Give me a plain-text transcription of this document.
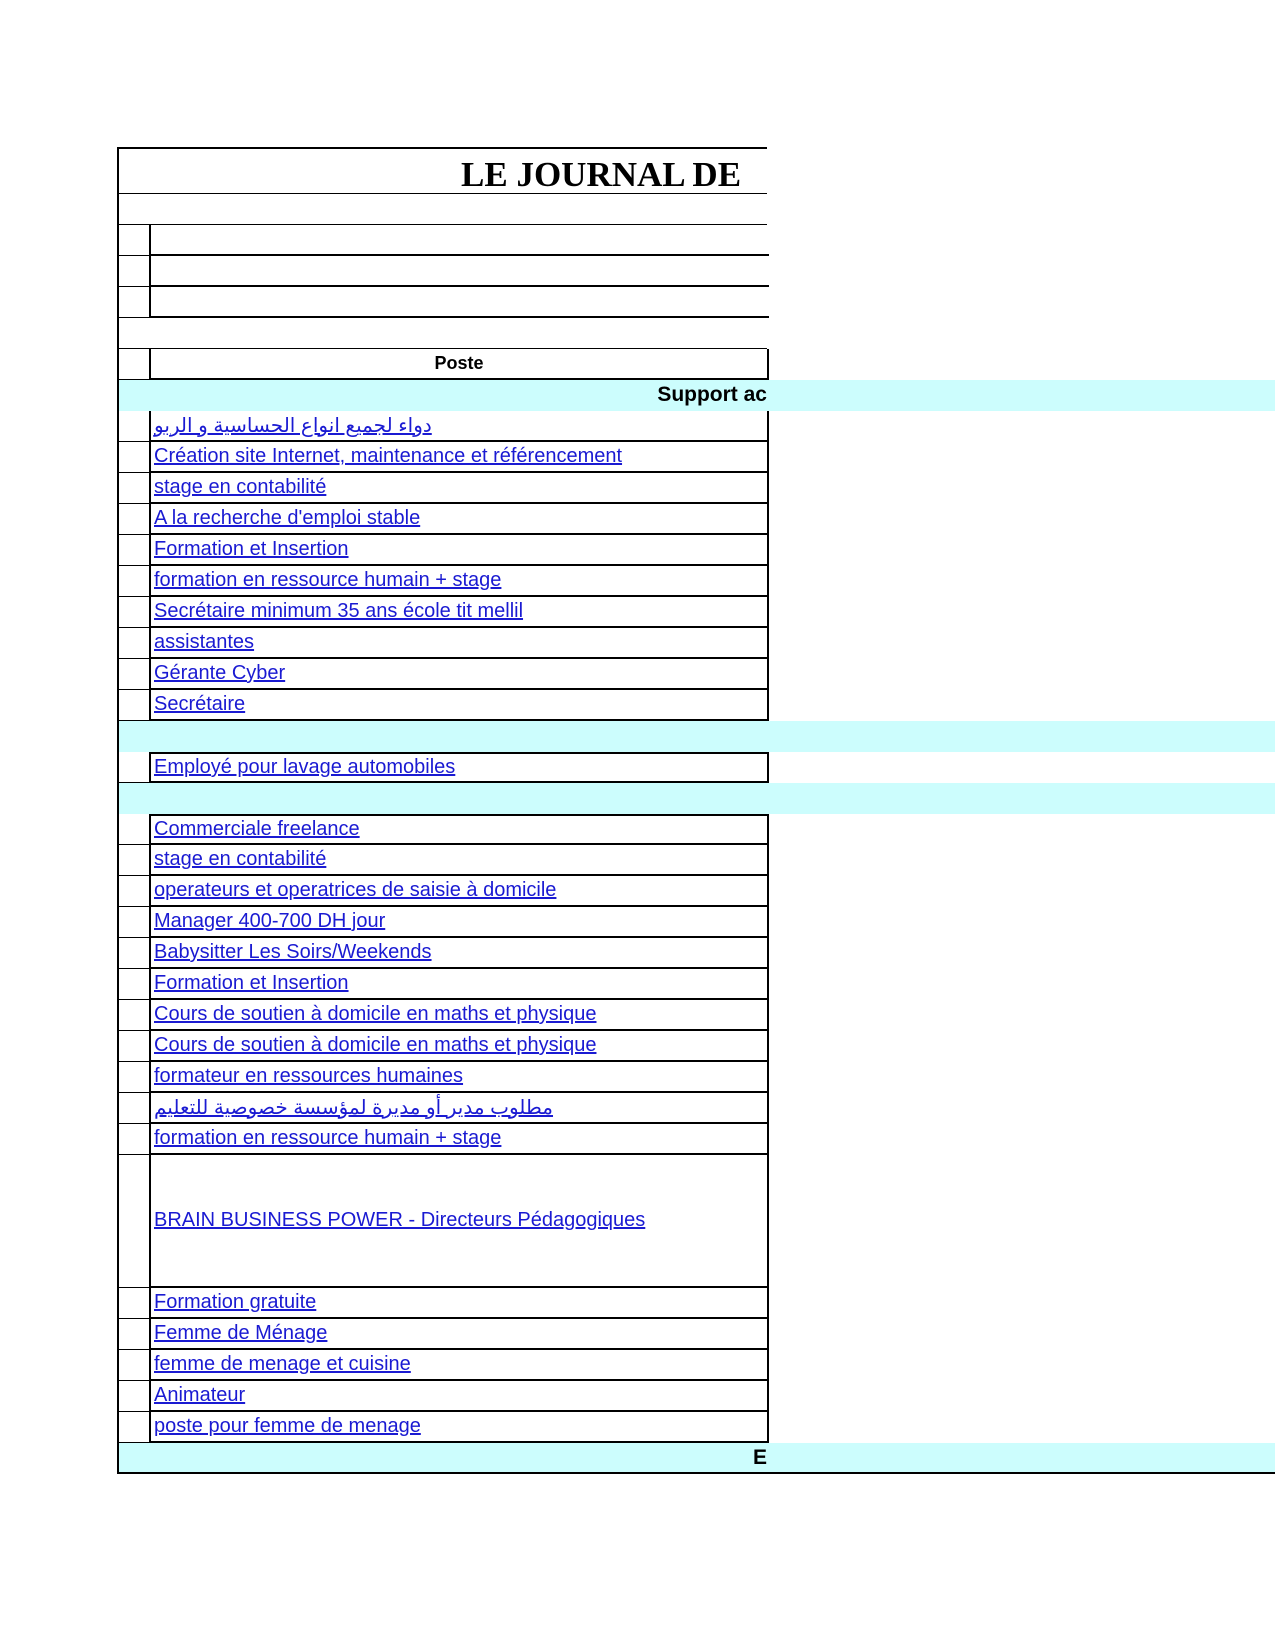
LE JOURNAL DE
Poste
Support ac
دواء لجميع انواع الحساسية و الربو
Création site Internet, maintenance et référencement
stage en contabilité
A la recherche d'emploi stable
Formation et Insertion
formation en ressource humain + stage
Secrétaire minimum 35 ans école tit mellil
assistantes
Gérante Cyber
Secrétaire
Employé pour lavage automobiles
Commerciale freelance
stage en contabilité
operateurs et operatrices de saisie à domicile
Manager 400-700 DH jour
Babysitter Les Soirs/Weekends
Formation et Insertion
Cours de soutien à domicile en maths et physique
Cours de soutien à domicile en maths et physique
formateur en ressources humaines
مطلوب مدير أو مديرة لمؤسسة خصوصية للتعليم
formation en ressource humain + stage
BRAIN BUSINESS POWER - Directeurs Pédagogiques
Formation gratuite
Femme de Ménage
femme de menage et cuisine
Animateur
poste pour femme de menage
E
